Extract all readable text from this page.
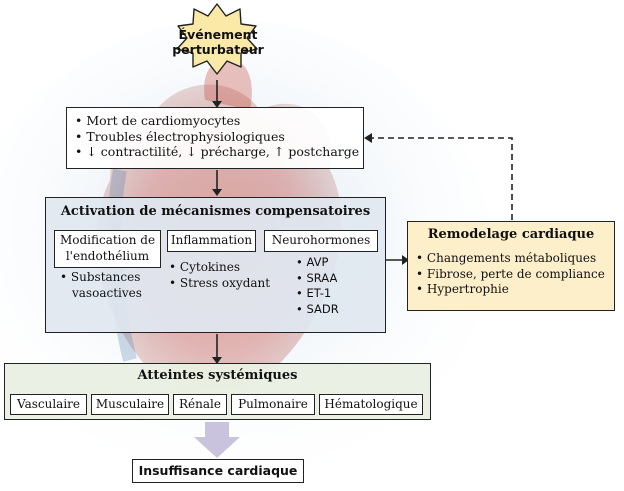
Événement
perturbateur
• Mort de cardiomyocytes
• Troubles électrophysiologiques
• ↓ contractilité, ↓ précharge, ↑ postcharge
Activation de mécanismes compensatoires
Modification de
l'endothélium
• Substances
vasoactives
Inflammation
• Cytokines
• Stress oxydant
Neurohormones
• AVP
• SRAA
• ET-1
• SADR
Remodelage cardiaque
• Changements métaboliques
• Fibrose, perte de compliance
• Hypertrophie
Atteintes systémiques
Vasculaire	Musculaire	Rénale	Pulmonaire	Hématologique
Insuffisance cardiaque
